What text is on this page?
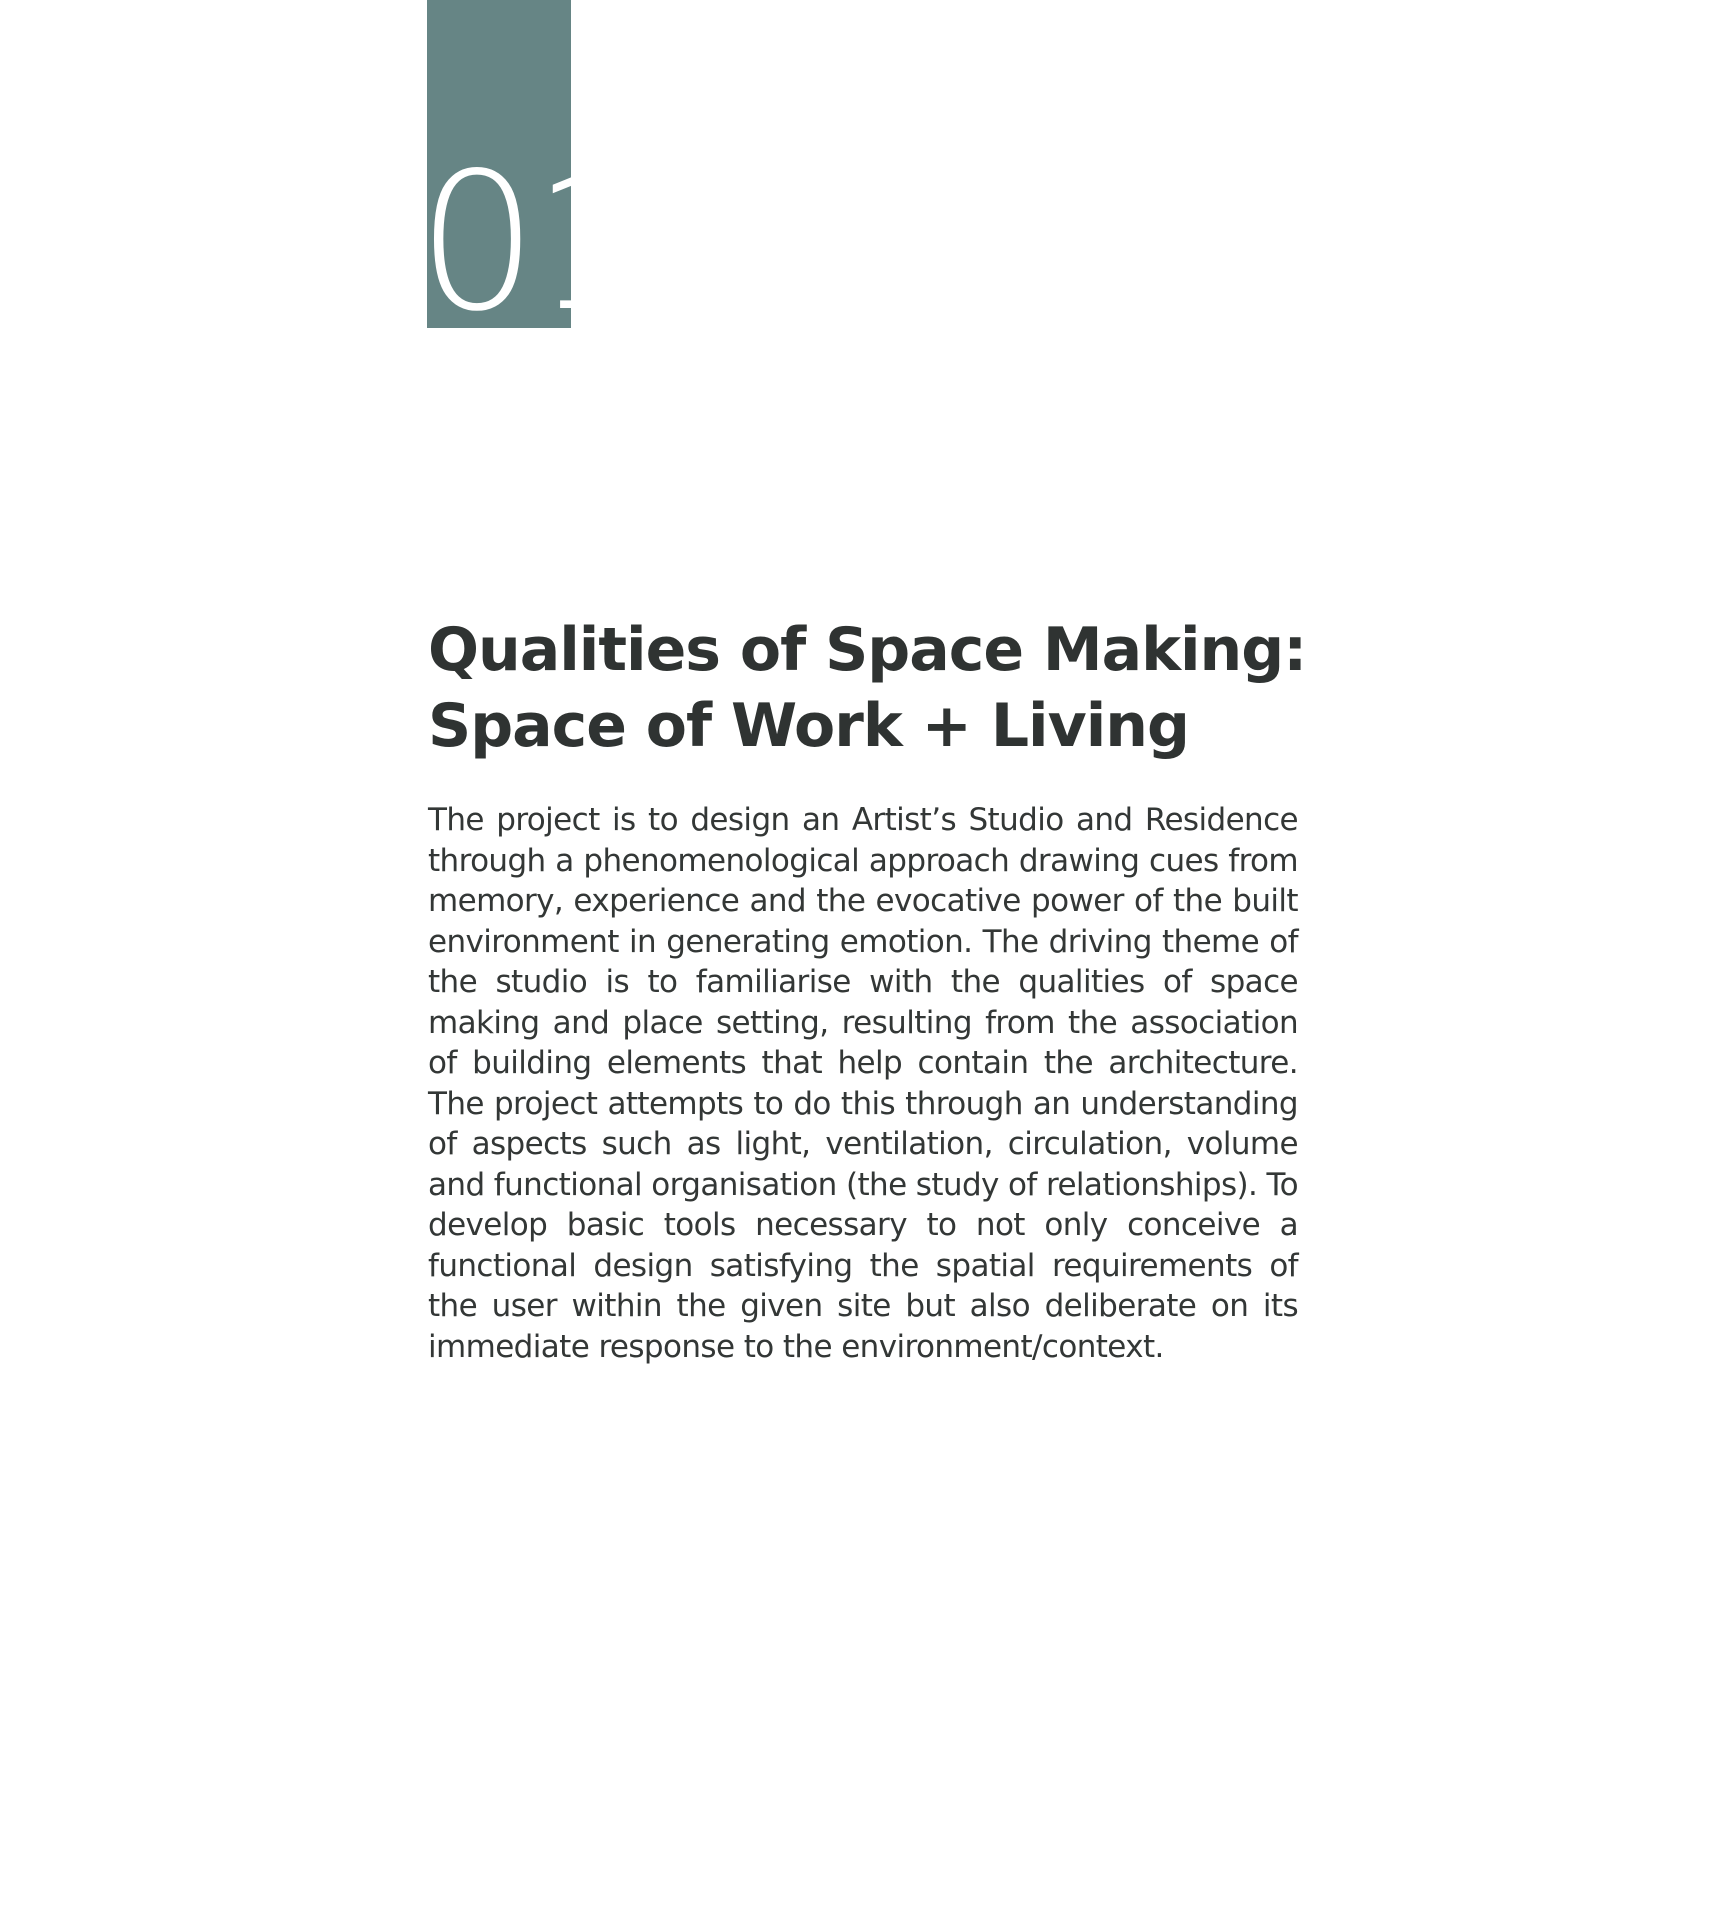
01
Qualities of Space Making:
Space of Work + Living

The project is to design an Artist’s Studio and Residence through a phenomenological approach drawing cues from memory, experience and the evocative power of the built environment in generating emotion. The driving theme of the studio is to familiarise with the qualities of space making and place setting, resulting from the association of building elements that help contain the architecture. The project attempts to do this through an understanding of aspects such as light, ventilation, circulation, volume and functional organisation (the study of relationships). To develop basic tools necessary to not only conceive a functional design satisfying the spatial requirements of the user within the given site but also deliberate on its immediate response to the environment/context.
